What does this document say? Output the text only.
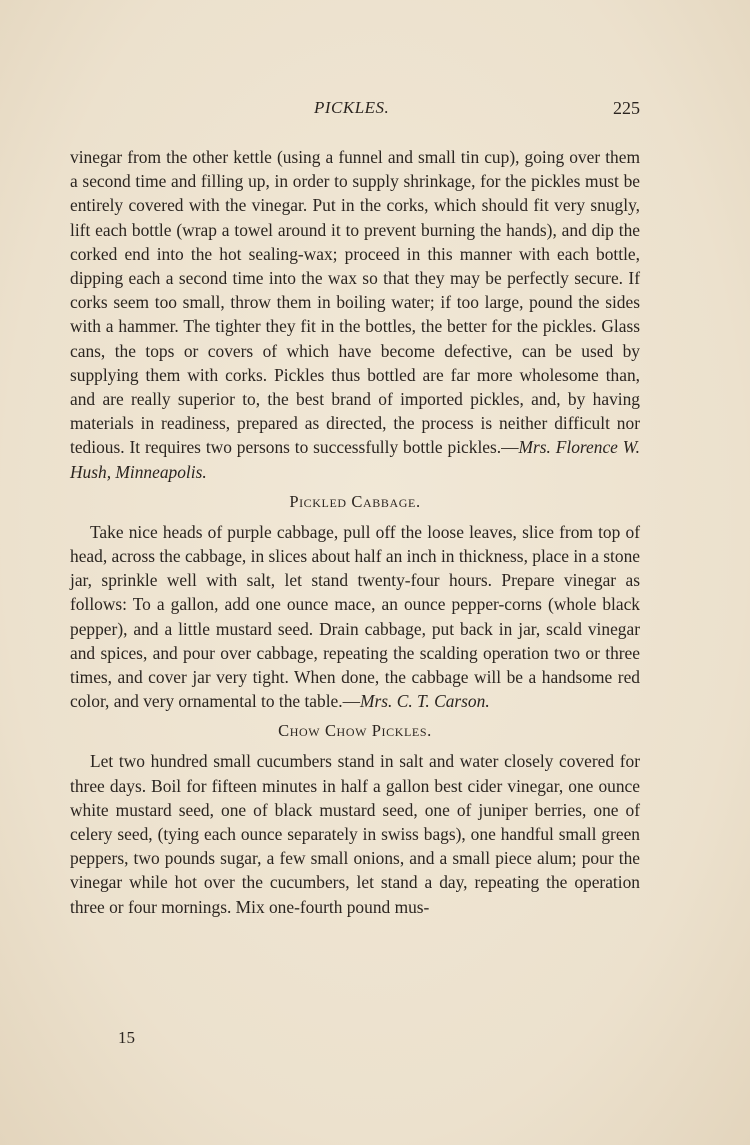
PICKLES.	225

vinegar from the other kettle (using a funnel and small tin cup), going over them a second time and filling up, in order to supply shrinkage, for the pickles must be entirely covered with the vinegar. Put in the corks, which should fit very snugly, lift each bottle (wrap a towel around it to prevent burning the hands), and dip the corked end into the hot sealing-wax; proceed in this manner with each bottle, dipping each a second time into the wax so that they may be perfectly secure. If corks seem too small, throw them in boiling water; if too large, pound the sides with a hammer. The tighter they fit in the bottles, the better for the pickles. Glass cans, the tops or covers of which have become defective, can be used by supplying them with corks. Pickles thus bottled are far more wholesome than, and are really superior to, the best brand of imported pickles, and, by having materials in readiness, prepared as directed, the process is neither difficult nor tedious. It requires two persons to successfully bottle pickles.—Mrs. Florence W. Hush, Minneapolis.

Pickled Cabbage.

Take nice heads of purple cabbage, pull off the loose leaves, slice from top of head, across the cabbage, in slices about half an inch in thickness, place in a stone jar, sprinkle well with salt, let stand twenty-four hours. Prepare vinegar as follows: To a gallon, add one ounce mace, an ounce pepper-corns (whole black pepper), and a little mustard seed. Drain cabbage, put back in jar, scald vinegar and spices, and pour over cabbage, repeating the scalding operation two or three times, and cover jar very tight. When done, the cabbage will be a handsome red color, and very ornamental to the table.—Mrs. C. T. Carson.

Chow Chow Pickles.

Let two hundred small cucumbers stand in salt and water closely covered for three days. Boil for fifteen minutes in half a gallon best cider vinegar, one ounce white mustard seed, one of black mustard seed, one of juniper berries, one of celery seed, (tying each ounce separately in swiss bags), one handful small green peppers, two pounds sugar, a few small onions, and a small piece alum; pour the vinegar while hot over the cucumbers, let stand a day, repeating the operation three or four mornings. Mix one-fourth pound mus-

15
